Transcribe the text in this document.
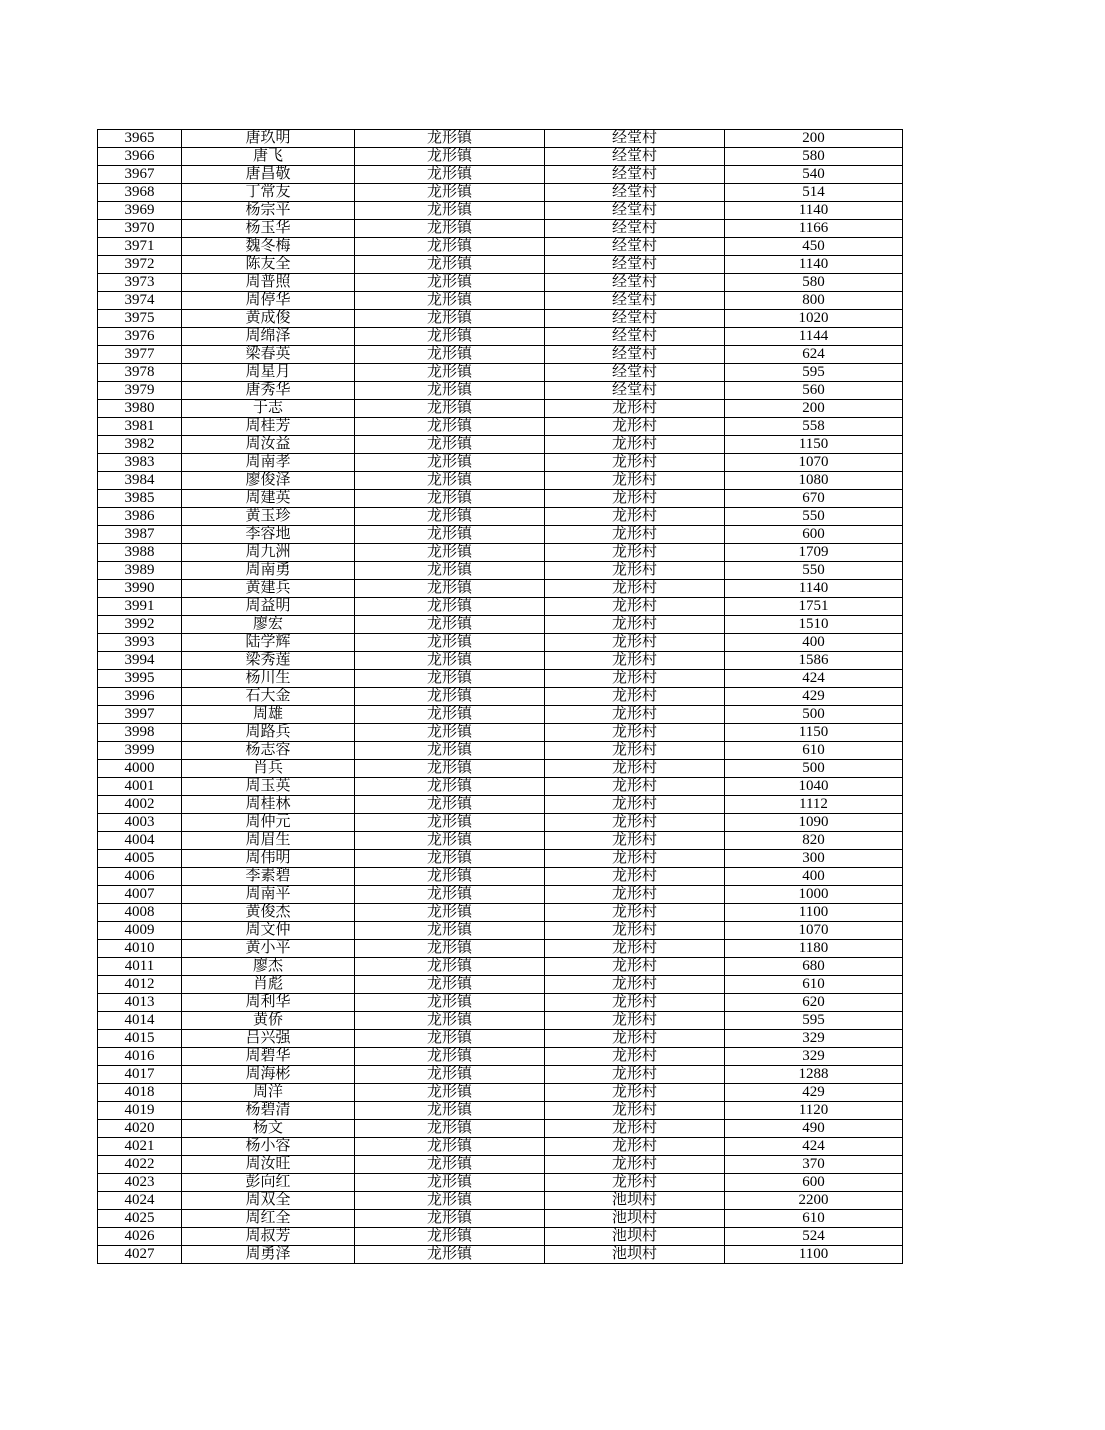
3965	唐玖明	龙形镇	经堂村	200
3966	唐飞	龙形镇	经堂村	580
3967	唐昌敬	龙形镇	经堂村	540
3968	丁常友	龙形镇	经堂村	514
3969	杨宗平	龙形镇	经堂村	1140
3970	杨玉华	龙形镇	经堂村	1166
3971	魏冬梅	龙形镇	经堂村	450
3972	陈友全	龙形镇	经堂村	1140
3973	周普照	龙形镇	经堂村	580
3974	周停华	龙形镇	经堂村	800
3975	黄成俊	龙形镇	经堂村	1020
3976	周绵泽	龙形镇	经堂村	1144
3977	梁春英	龙形镇	经堂村	624
3978	周星月	龙形镇	经堂村	595
3979	唐秀华	龙形镇	经堂村	560
3980	于志	龙形镇	龙形村	200
3981	周桂芳	龙形镇	龙形村	558
3982	周汝益	龙形镇	龙形村	1150
3983	周南孝	龙形镇	龙形村	1070
3984	廖俊泽	龙形镇	龙形村	1080
3985	周建英	龙形镇	龙形村	670
3986	黄玉珍	龙形镇	龙形村	550
3987	李容地	龙形镇	龙形村	600
3988	周九洲	龙形镇	龙形村	1709
3989	周南勇	龙形镇	龙形村	550
3990	黄建兵	龙形镇	龙形村	1140
3991	周益明	龙形镇	龙形村	1751
3992	廖宏	龙形镇	龙形村	1510
3993	陆学辉	龙形镇	龙形村	400
3994	梁秀莲	龙形镇	龙形村	1586
3995	杨川生	龙形镇	龙形村	424
3996	石大金	龙形镇	龙形村	429
3997	周雄	龙形镇	龙形村	500
3998	周路兵	龙形镇	龙形村	1150
3999	杨志容	龙形镇	龙形村	610
4000	肖兵	龙形镇	龙形村	500
4001	周玉英	龙形镇	龙形村	1040
4002	周桂林	龙形镇	龙形村	1112
4003	周仲元	龙形镇	龙形村	1090
4004	周眉生	龙形镇	龙形村	820
4005	周伟明	龙形镇	龙形村	300
4006	李素碧	龙形镇	龙形村	400
4007	周南平	龙形镇	龙形村	1000
4008	黄俊杰	龙形镇	龙形村	1100
4009	周文仲	龙形镇	龙形村	1070
4010	黄小平	龙形镇	龙形村	1180
4011	廖杰	龙形镇	龙形村	680
4012	肖彪	龙形镇	龙形村	610
4013	周利华	龙形镇	龙形村	620
4014	黄侨	龙形镇	龙形村	595
4015	吕兴强	龙形镇	龙形村	329
4016	周碧华	龙形镇	龙形村	329
4017	周海彬	龙形镇	龙形村	1288
4018	周洋	龙形镇	龙形村	429
4019	杨碧清	龙形镇	龙形村	1120
4020	杨文	龙形镇	龙形村	490
4021	杨小容	龙形镇	龙形村	424
4022	周汝旺	龙形镇	龙形村	370
4023	彭向红	龙形镇	龙形村	600
4024	周双全	龙形镇	池坝村	2200
4025	周红全	龙形镇	池坝村	610
4026	周叔芳	龙形镇	池坝村	524
4027	周勇泽	龙形镇	池坝村	1100
